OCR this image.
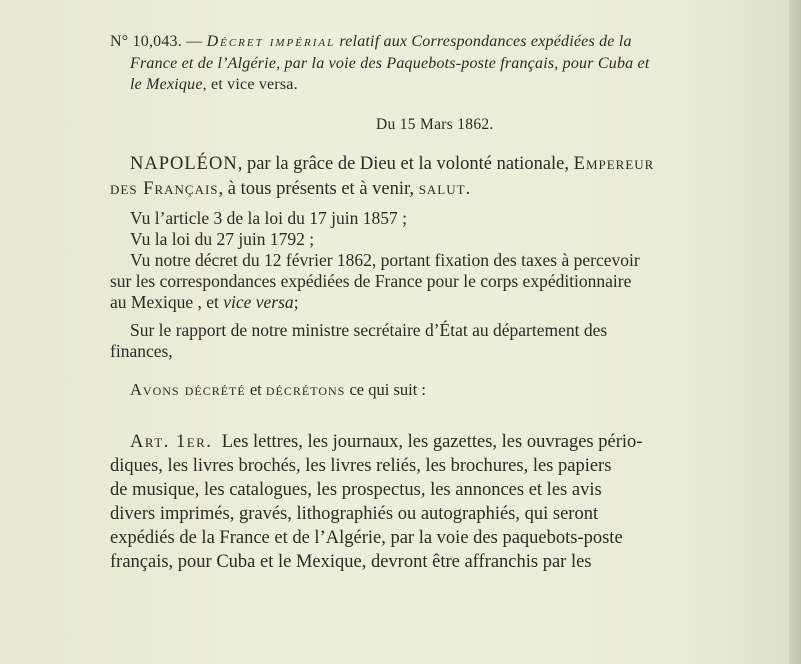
N° 10,043. — Décret impérial relatif aux Correspondances expédiées de la
France et de l’Algérie, par la voie des Paquebots-poste français, pour Cuba et
le Mexique, et vice versa.
Du 15 Mars 1862.
NAPOLÉON, par la grâce de Dieu et la volonté nationale, Empereur
des Français, à tous présents et à venir, salut.
Vu l’article 3 de la loi du 17 juin 1857 ;
Vu la loi du 27 juin 1792 ;
Vu notre décret du 12 février 1862, portant fixation des taxes à percevoir
sur les correspondances expédiées de France pour le corps expéditionnaire
au Mexique , et vice versa;
Sur le rapport de notre ministre secrétaire d’État au département des
finances,
Avons décrété et décrétons ce qui suit :
Art. 1er. Les lettres, les journaux, les gazettes, les ouvrages pério-
diques, les livres brochés, les livres reliés, les brochures, les papiers
de musique, les catalogues, les prospectus, les annonces et les avis
divers imprimés, gravés, lithographiés ou autographiés, qui seront
expédiés de la France et de l’Algérie, par la voie des paquebots-poste
français, pour Cuba et le Mexique, devront être affranchis par les
